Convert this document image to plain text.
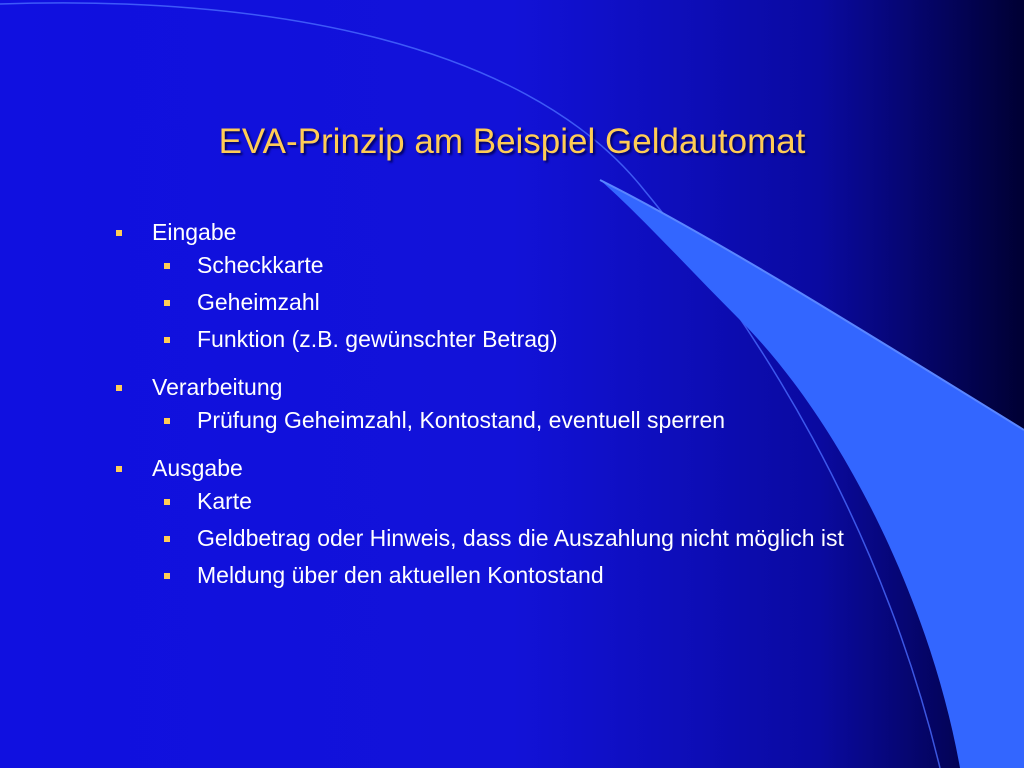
EVA-Prinzip am Beispiel Geldautomat
Eingabe
Scheckkarte
Geheimzahl
Funktion (z.B. gewünschter Betrag)
Verarbeitung
Prüfung Geheimzahl, Kontostand, eventuell sperren
Ausgabe
Karte
Geldbetrag oder Hinweis, dass die Auszahlung nicht möglich ist
Meldung über den aktuellen Kontostand
